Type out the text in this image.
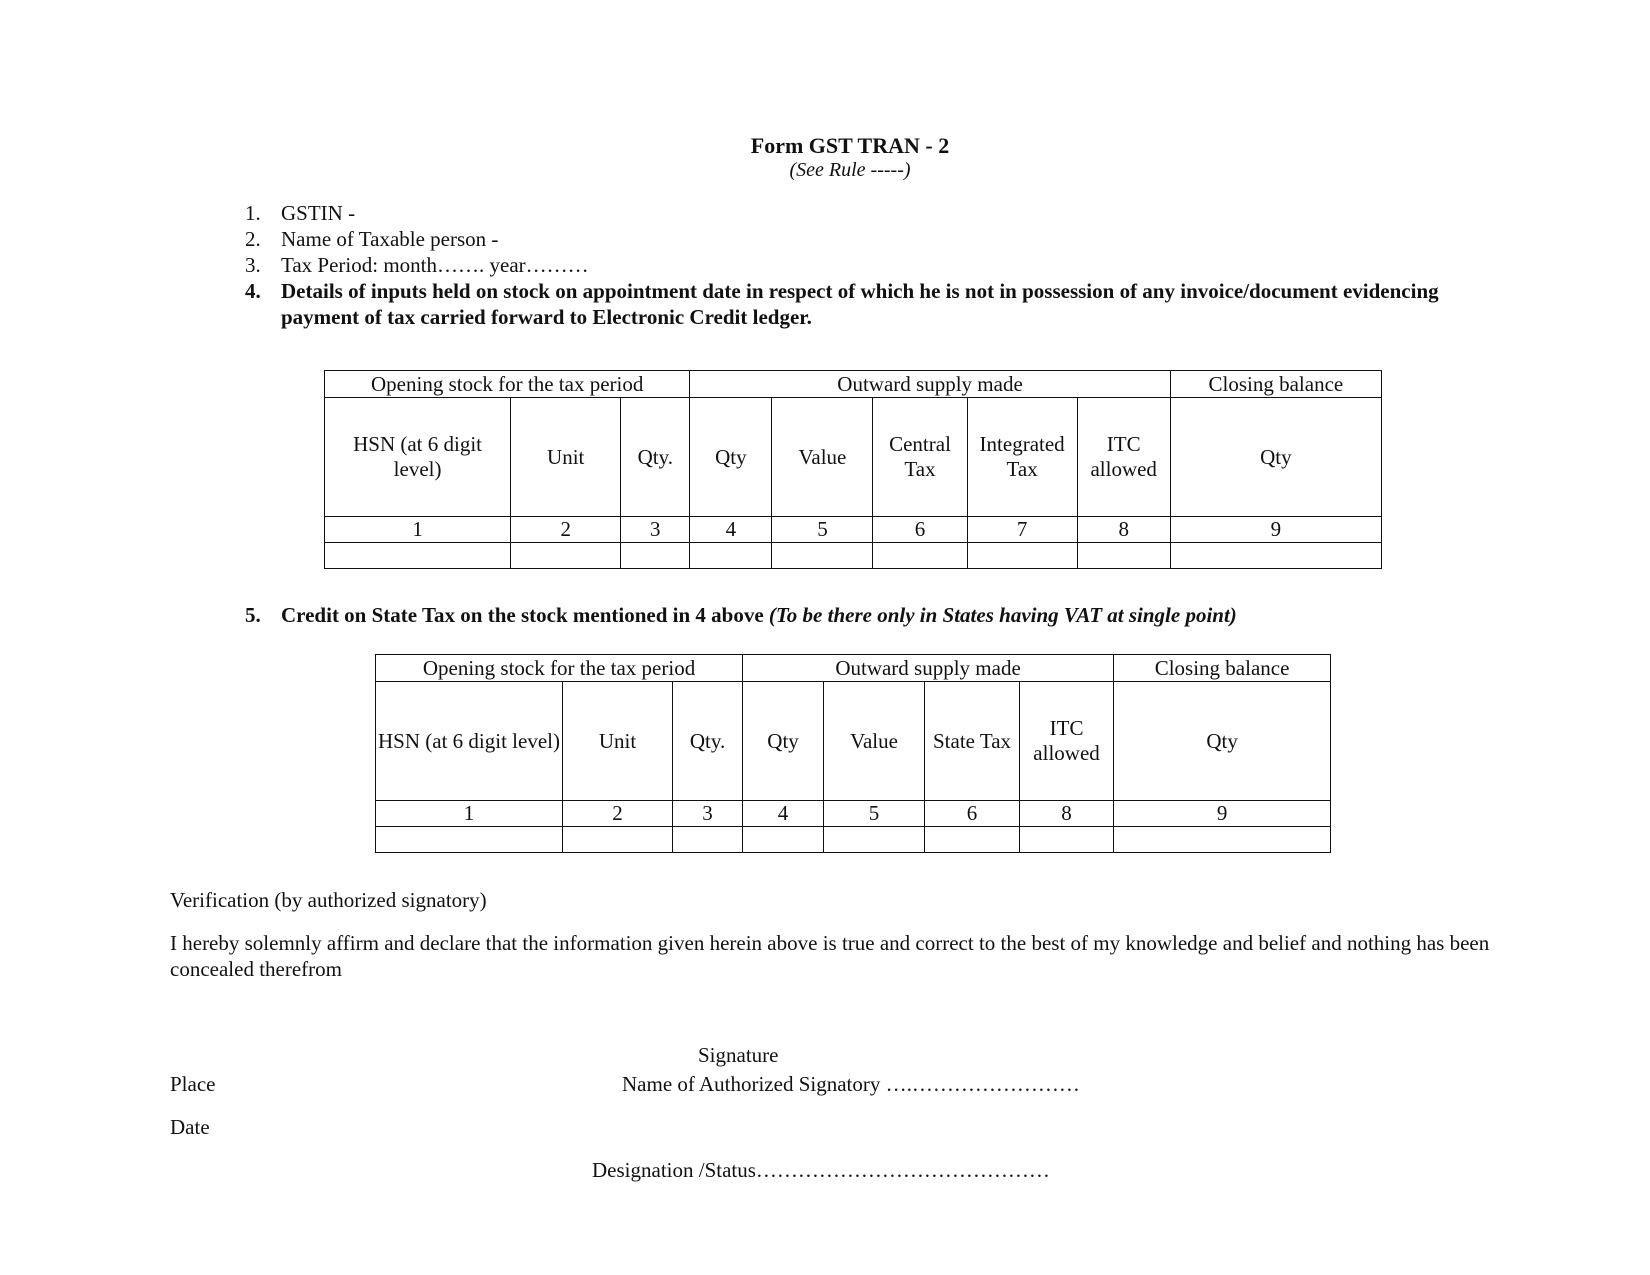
Form GST TRAN - 2
(See Rule -----)
1. GSTIN -
2. Name of Taxable person -
3. Tax Period: month……. year………
4. Details of inputs held on stock on appointment date in respect of which he is not in possession of any invoice/document evidencing payment of tax carried forward to Electronic Credit ledger.
Opening stock for the tax period			Outward supply made					Closing balance
HSN (at 6 digit level)	Unit	Qty.	Qty	Value	Central Tax	Integrated Tax	ITC allowed	Qty
1	2	3	4	5	6	7	8	9

5. Credit on State Tax on the stock mentioned in 4 above (To be there only in States having VAT at single point)
Opening stock for the tax period			Outward supply made				Closing balance
HSN (at 6 digit level)	Unit	Qty.	Qty	Value	State Tax	ITC allowed	Qty
1	2	3	4	5	6	8	9

Verification (by authorized signatory)
I hereby solemnly affirm and declare that the information given herein above is true and correct to the best of my knowledge and belief and nothing has been concealed therefrom
Signature
Place	Name of Authorized Signatory ….……………………
Date
Designation /Status……………………………………
